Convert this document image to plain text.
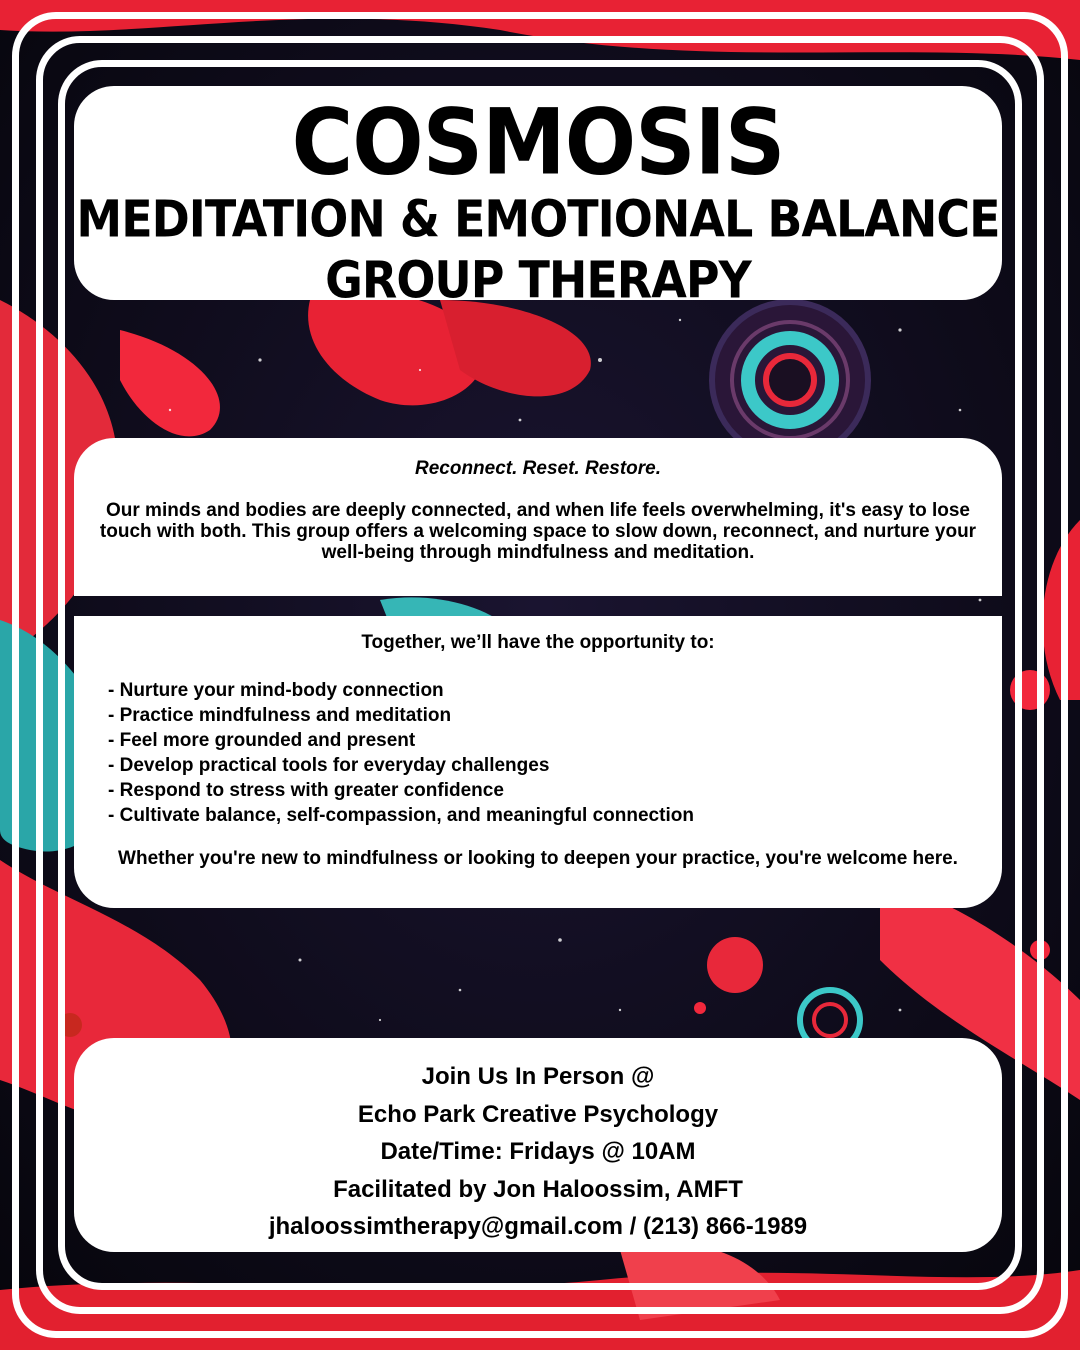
COSMOSIS
MEDITATION & EMOTIONAL BALANCE
GROUP THERAPY
Reconnect. Reset. Restore.
Our minds and bodies are deeply connected, and when life feels overwhelming, it's easy to lose touch with both. This group offers a welcoming space to slow down, reconnect, and nurture your well-being through mindfulness and meditation.
Together, we’ll have the opportunity to:
- Nurture your mind-body connection
- Practice mindfulness and meditation
- Feel more grounded and present
- Develop practical tools for everyday challenges
- Respond to stress with greater confidence
- Cultivate balance, self-compassion, and meaningful connection
Whether you're new to mindfulness or looking to deepen your practice, you're welcome here.
Join Us In Person @
Echo Park Creative Psychology
Date/Time: Fridays @ 10AM
Facilitated by Jon Haloossim, AMFT
jhaloossimtherapy@gmail.com / (213) 866-1989
